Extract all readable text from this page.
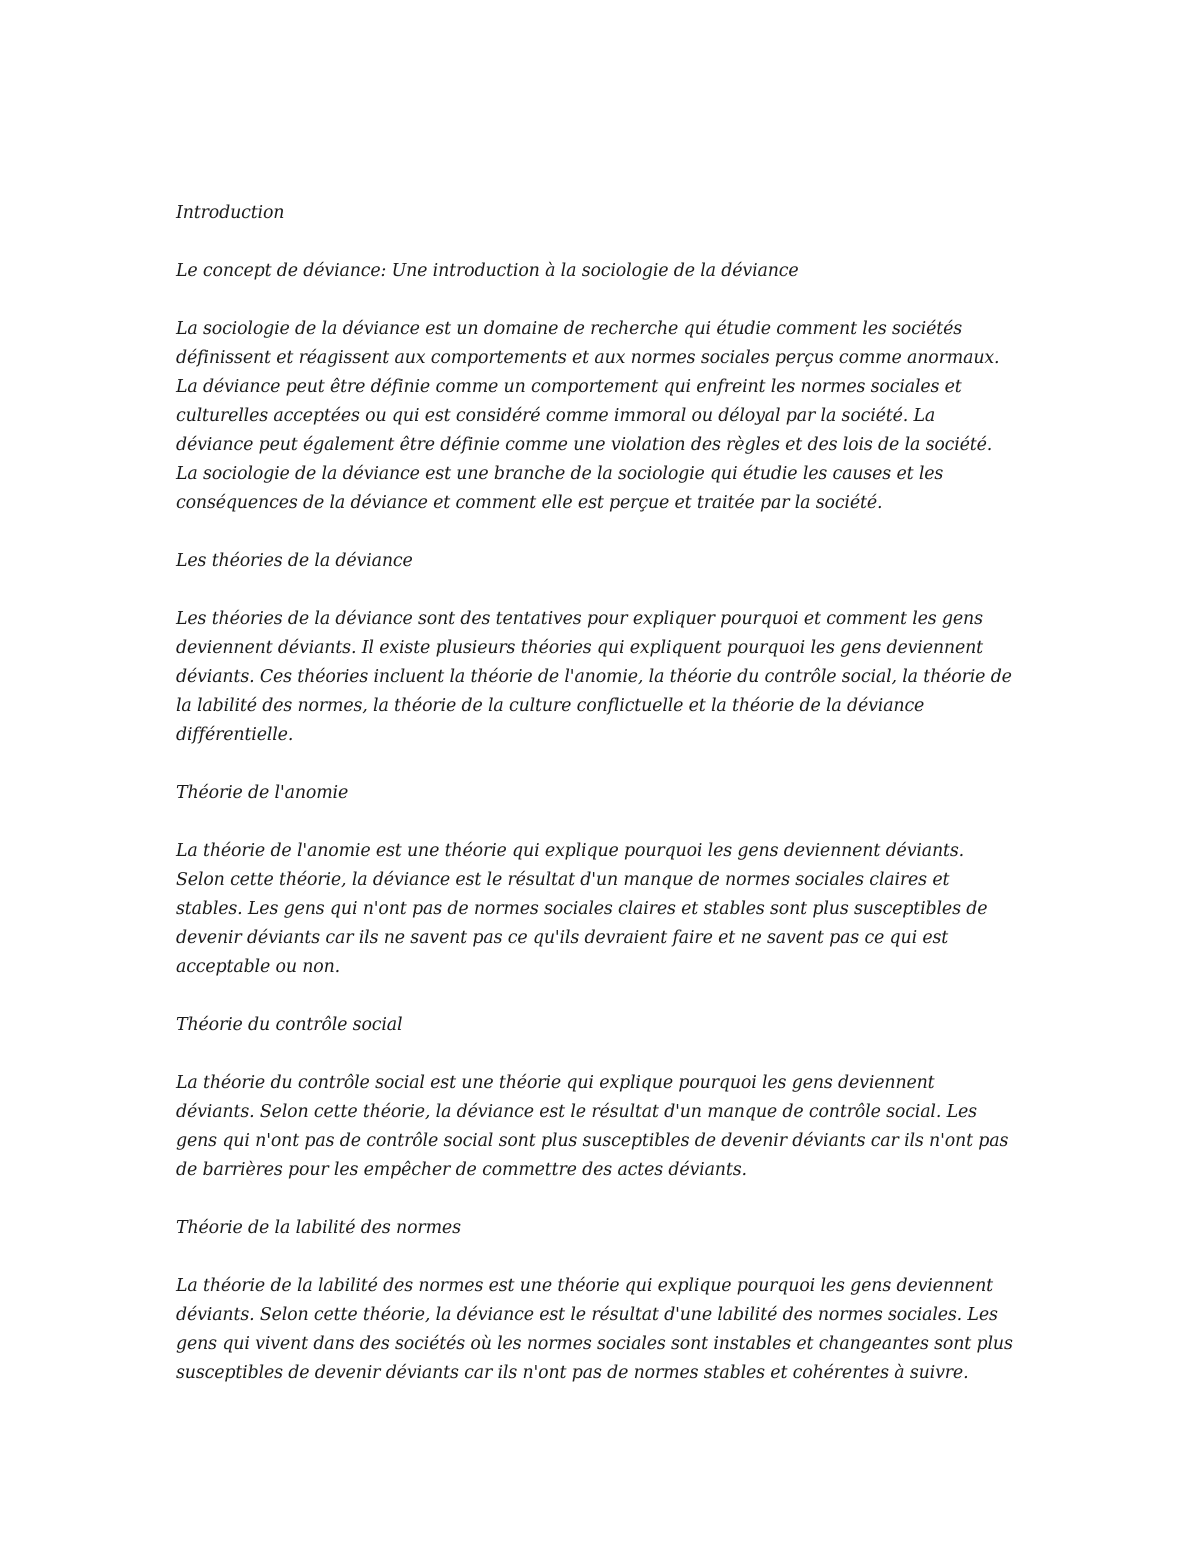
Introduction

Le concept de déviance: Une introduction à la sociologie de la déviance

La sociologie de la déviance est un domaine de recherche qui étudie comment les sociétés
définissent et réagissent aux comportements et aux normes sociales perçus comme anormaux.
La déviance peut être définie comme un comportement qui enfreint les normes sociales et
culturelles acceptées ou qui est considéré comme immoral ou déloyal par la société. La
déviance peut également être définie comme une violation des règles et des lois de la société.
La sociologie de la déviance est une branche de la sociologie qui étudie les causes et les
conséquences de la déviance et comment elle est perçue et traitée par la société.

Les théories de la déviance

Les théories de la déviance sont des tentatives pour expliquer pourquoi et comment les gens
deviennent déviants. Il existe plusieurs théories qui expliquent pourquoi les gens deviennent
déviants. Ces théories incluent la théorie de l'anomie, la théorie du contrôle social, la théorie de
la labilité des normes, la théorie de la culture conflictuelle et la théorie de la déviance
différentielle.

Théorie de l'anomie

La théorie de l'anomie est une théorie qui explique pourquoi les gens deviennent déviants.
Selon cette théorie, la déviance est le résultat d'un manque de normes sociales claires et
stables. Les gens qui n'ont pas de normes sociales claires et stables sont plus susceptibles de
devenir déviants car ils ne savent pas ce qu'ils devraient faire et ne savent pas ce qui est
acceptable ou non.

Théorie du contrôle social

La théorie du contrôle social est une théorie qui explique pourquoi les gens deviennent
déviants. Selon cette théorie, la déviance est le résultat d'un manque de contrôle social. Les
gens qui n'ont pas de contrôle social sont plus susceptibles de devenir déviants car ils n'ont pas
de barrières pour les empêcher de commettre des actes déviants.

Théorie de la labilité des normes

La théorie de la labilité des normes est une théorie qui explique pourquoi les gens deviennent
déviants. Selon cette théorie, la déviance est le résultat d'une labilité des normes sociales. Les
gens qui vivent dans des sociétés où les normes sociales sont instables et changeantes sont plus
susceptibles de devenir déviants car ils n'ont pas de normes stables et cohérentes à suivre.
